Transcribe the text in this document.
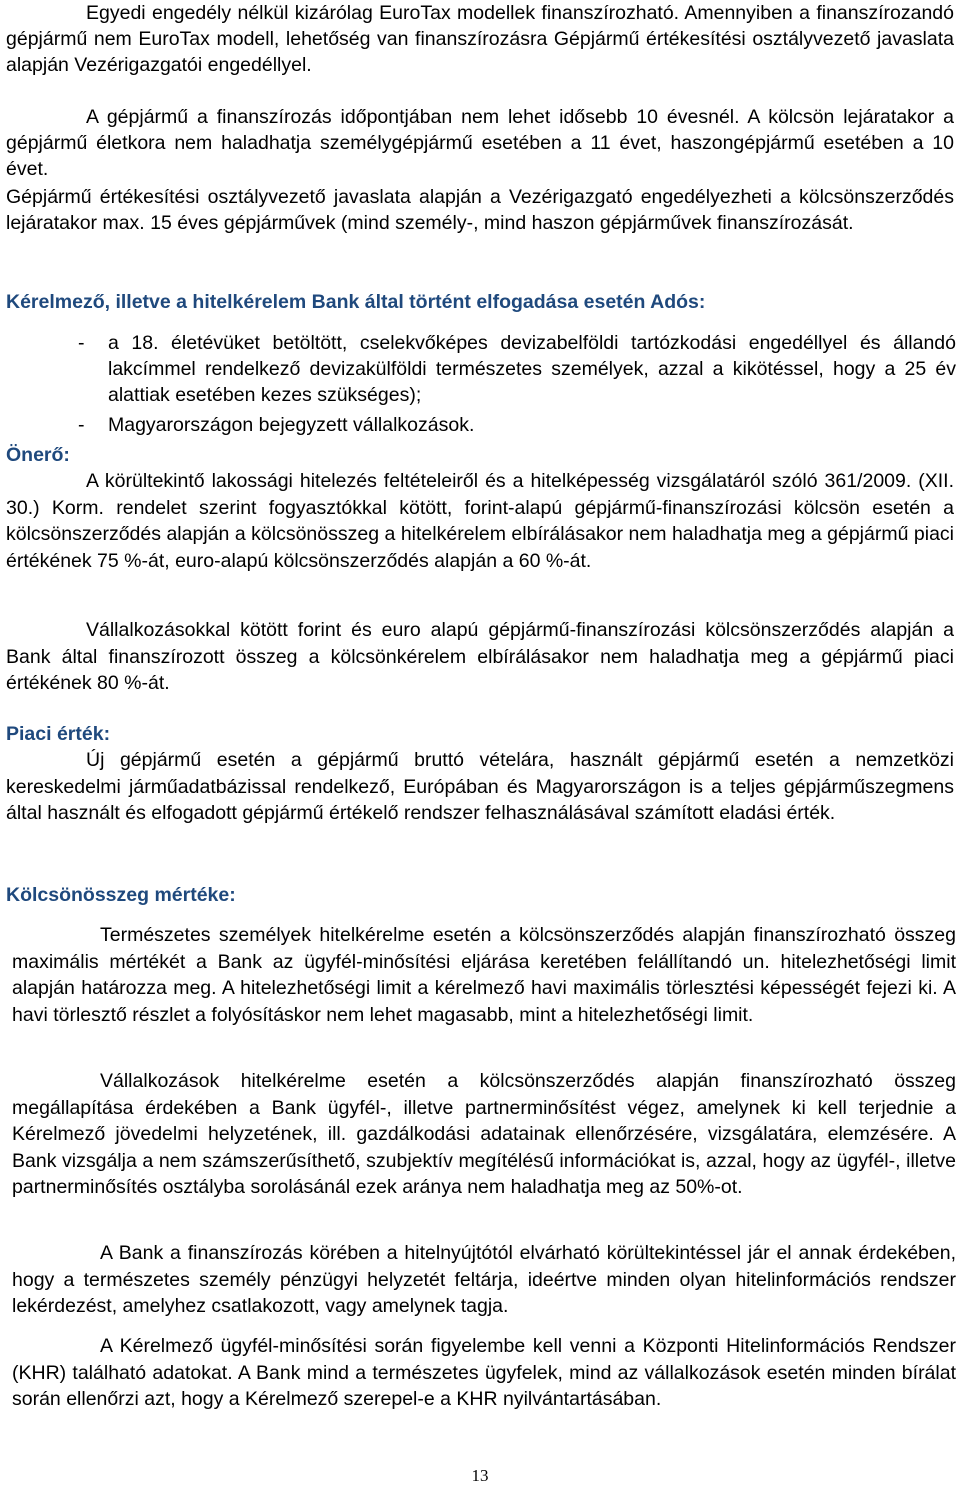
Egyedi engedély nélkül kizárólag EuroTax modellek finanszírozható. Amennyiben a finanszírozandó gépjármű nem EuroTax modell, lehetőség van finanszírozásra Gépjármű értékesítési osztályvezető javaslata alapján Vezérigazgatói engedéllyel.

A gépjármű a finanszírozás időpontjában nem lehet idősebb 10 évesnél. A kölcsön lejáratakor a gépjármű életkora nem haladhatja személygépjármű esetében a 11 évet, haszongépjármű esetében a 10 évet.

Gépjármű értékesítési osztályvezető javaslata alapján a Vezérigazgató engedélyezheti a kölcsönszerződés lejáratakor max. 15 éves gépjárművek (mind személy-, mind haszon gépjárművek finanszírozását.

Kérelmező, illetve a hitelkérelem Bank által történt elfogadása esetén Adós:

- a 18. életévüket betöltött, cselekvőképes devizabelföldi tartózkodási engedéllyel és állandó lakcímmel rendelkező devizakülföldi természetes személyek, azzal a kikötéssel, hogy a 25 év alattiak esetében kezes szükséges);
- Magyarországon bejegyzett vállalkozások.

Önerő:

A körültekintő lakossági hitelezés feltételeiről és a hitelképesség vizsgálatáról szóló 361/2009. (XII. 30.) Korm. rendelet szerint fogyasztókkal kötött, forint-alapú gépjármű-finanszírozási kölcsön esetén a kölcsönszerződés alapján a kölcsönösszeg a hitelkérelem elbírálásakor nem haladhatja meg a gépjármű piaci értékének 75 %-át, euro-alapú kölcsönszerződés alapján a 60 %-át.

Vállalkozásokkal kötött forint és euro alapú gépjármű-finanszírozási kölcsönszerződés alapján a Bank által finanszírozott összeg a kölcsönkérelem elbírálásakor nem haladhatja meg a gépjármű piaci értékének 80 %-át.

Piaci érték:

Új gépjármű esetén a gépjármű bruttó vételára, használt gépjármű esetén a nemzetközi kereskedelmi járműadatbázissal rendelkező, Európában és Magyarországon is a teljes gépjárműszegmens által használt és elfogadott gépjármű értékelő rendszer felhasználásával számított eladási érték.

Kölcsönösszeg mértéke:

Természetes személyek hitelkérelme esetén a kölcsönszerződés alapján finanszírozható összeg maximális mértékét a Bank az ügyfél-minősítési eljárása keretében felállítandó un. hitelezhetőségi limit alapján határozza meg. A hitelezhetőségi limit a kérelmező havi maximális törlesztési képességét fejezi ki. A havi törlesztő részlet a folyósításkor nem lehet magasabb, mint a hitelezhetőségi limit.

Vállalkozások hitelkérelme esetén a kölcsönszerződés alapján finanszírozható összeg megállapítása érdekében a Bank ügyfél-, illetve partnerminősítést végez, amelynek ki kell terjednie a Kérelmező jövedelmi helyzetének, ill. gazdálkodási adatainak ellenőrzésére, vizsgálatára, elemzésére. A Bank vizsgálja a nem számszerűsíthető, szubjektív megítélésű információkat is, azzal, hogy az ügyfél-, illetve partnerminősítés osztályba sorolásánál ezek aránya nem haladhatja meg az 50%-ot.

A Bank a finanszírozás körében a hitelnyújtótól elvárható körültekintéssel jár el annak érdekében, hogy a természetes személy pénzügyi helyzetét feltárja, ideértve minden olyan hitelinformációs rendszer lekérdezést, amelyhez csatlakozott, vagy amelynek tagja.

A Kérelmező ügyfél-minősítési során figyelembe kell venni a Központi Hitelinformációs Rendszer (KHR) található adatokat. A Bank mind a természetes ügyfelek, mind az vállalkozások esetén minden bírálat során ellenőrzi azt, hogy a Kérelmező szerepel-e a KHR nyilvántartásában.

13
